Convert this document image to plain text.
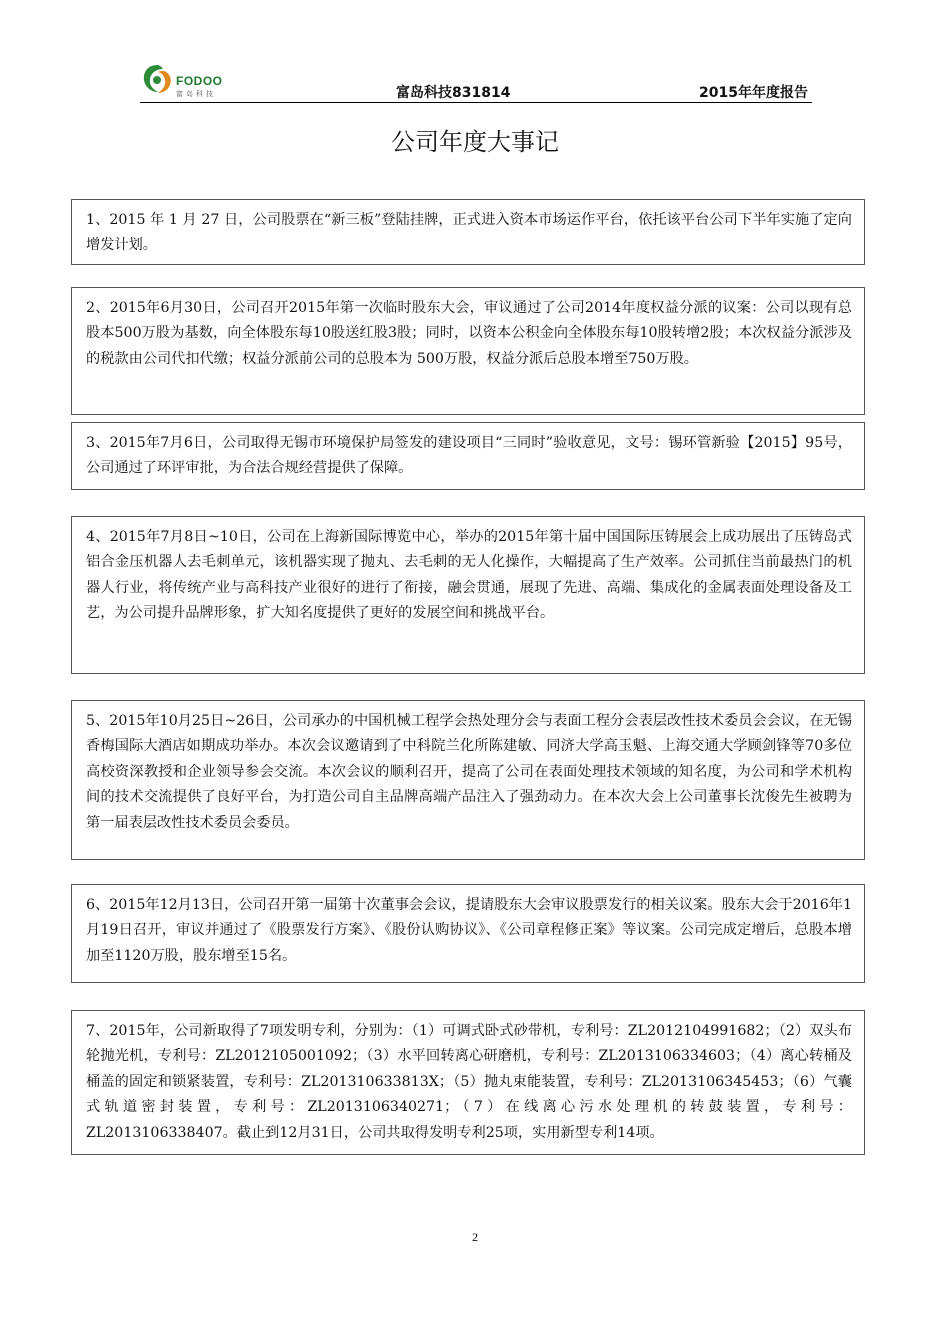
FODOO
富岛科技	富岛科技831814	2015年年度报告
公司年度大事记
1、2015 年 1 月 27 日，公司股票在“新三板”登陆挂牌，正式进入资本市场运作平台，依托该平台公司下半年实施了定向增发计划。
2、2015年6月30日，公司召开2015年第一次临时股东大会，审议通过了公司2014年度权益分派的议案：公司以现有总股本500万股为基数，向全体股东每10股送红股3股；同时，以资本公积金向全体股东每10股转增2股；本次权益分派涉及的税款由公司代扣代缴；权益分派前公司的总股本为 500万股，权益分派后总股本增至750万股。
3、2015年7月6日，公司取得无锡市环境保护局签发的建设项目“三同时”验收意见，文号：锡环管新验【2015】95号，公司通过了环评审批，为合法合规经营提供了保障。
4、2015年7月8日~10日，公司在上海新国际博览中心，举办的2015年第十届中国国际压铸展会上成功展出了压铸岛式铝合金压机器人去毛刺单元，该机器实现了抛丸、去毛刺的无人化操作，大幅提高了生产效率。公司抓住当前最热门的机器人行业，将传统产业与高科技产业很好的进行了衔接，融会贯通，展现了先进、高端、集成化的金属表面处理设备及工艺，为公司提升品牌形象，扩大知名度提供了更好的发展空间和挑战平台。
5、2015年10月25日~26日，公司承办的中国机械工程学会热处理分会与表面工程分会表层改性技术委员会会议，在无锡香梅国际大酒店如期成功举办。本次会议邀请到了中科院兰化所陈建敏、同济大学高玉魁、上海交通大学顾剑锋等70多位高校资深教授和企业领导参会交流。本次会议的顺利召开，提高了公司在表面处理技术领域的知名度，为公司和学术机构间的技术交流提供了良好平台，为打造公司自主品牌高端产品注入了强劲动力。在本次大会上公司董事长沈俊先生被聘为第一届表层改性技术委员会委员。
6、2015年12月13日，公司召开第一届第十次董事会会议，提请股东大会审议股票发行的相关议案。股东大会于2016年1月19日召开，审议并通过了《股票发行方案》、《股份认购协议》、《公司章程修正案》等议案。公司完成定增后，总股本增加至1120万股，股东增至15名。
7、2015年，公司新取得了7项发明专利，分别为：（1）可调式卧式砂带机，专利号：ZL2012104991682；（2）双头布轮抛光机，专利号：ZL2012105001092；（3）水平回转离心研磨机，专利号：ZL2013106334603；（4）离心转桶及桶盖的固定和锁紧装置，专利号：ZL201310633813X；（5）抛丸束能装置，专利号：ZL2013106345453；（6）气囊式轨道密封装置，专利号：ZL2013106340271；（7）在线离心污水处理机的转鼓装置，专利号：ZL2013106338407。截止到12月31日，公司共取得发明专利25项，实用新型专利14项。
2
